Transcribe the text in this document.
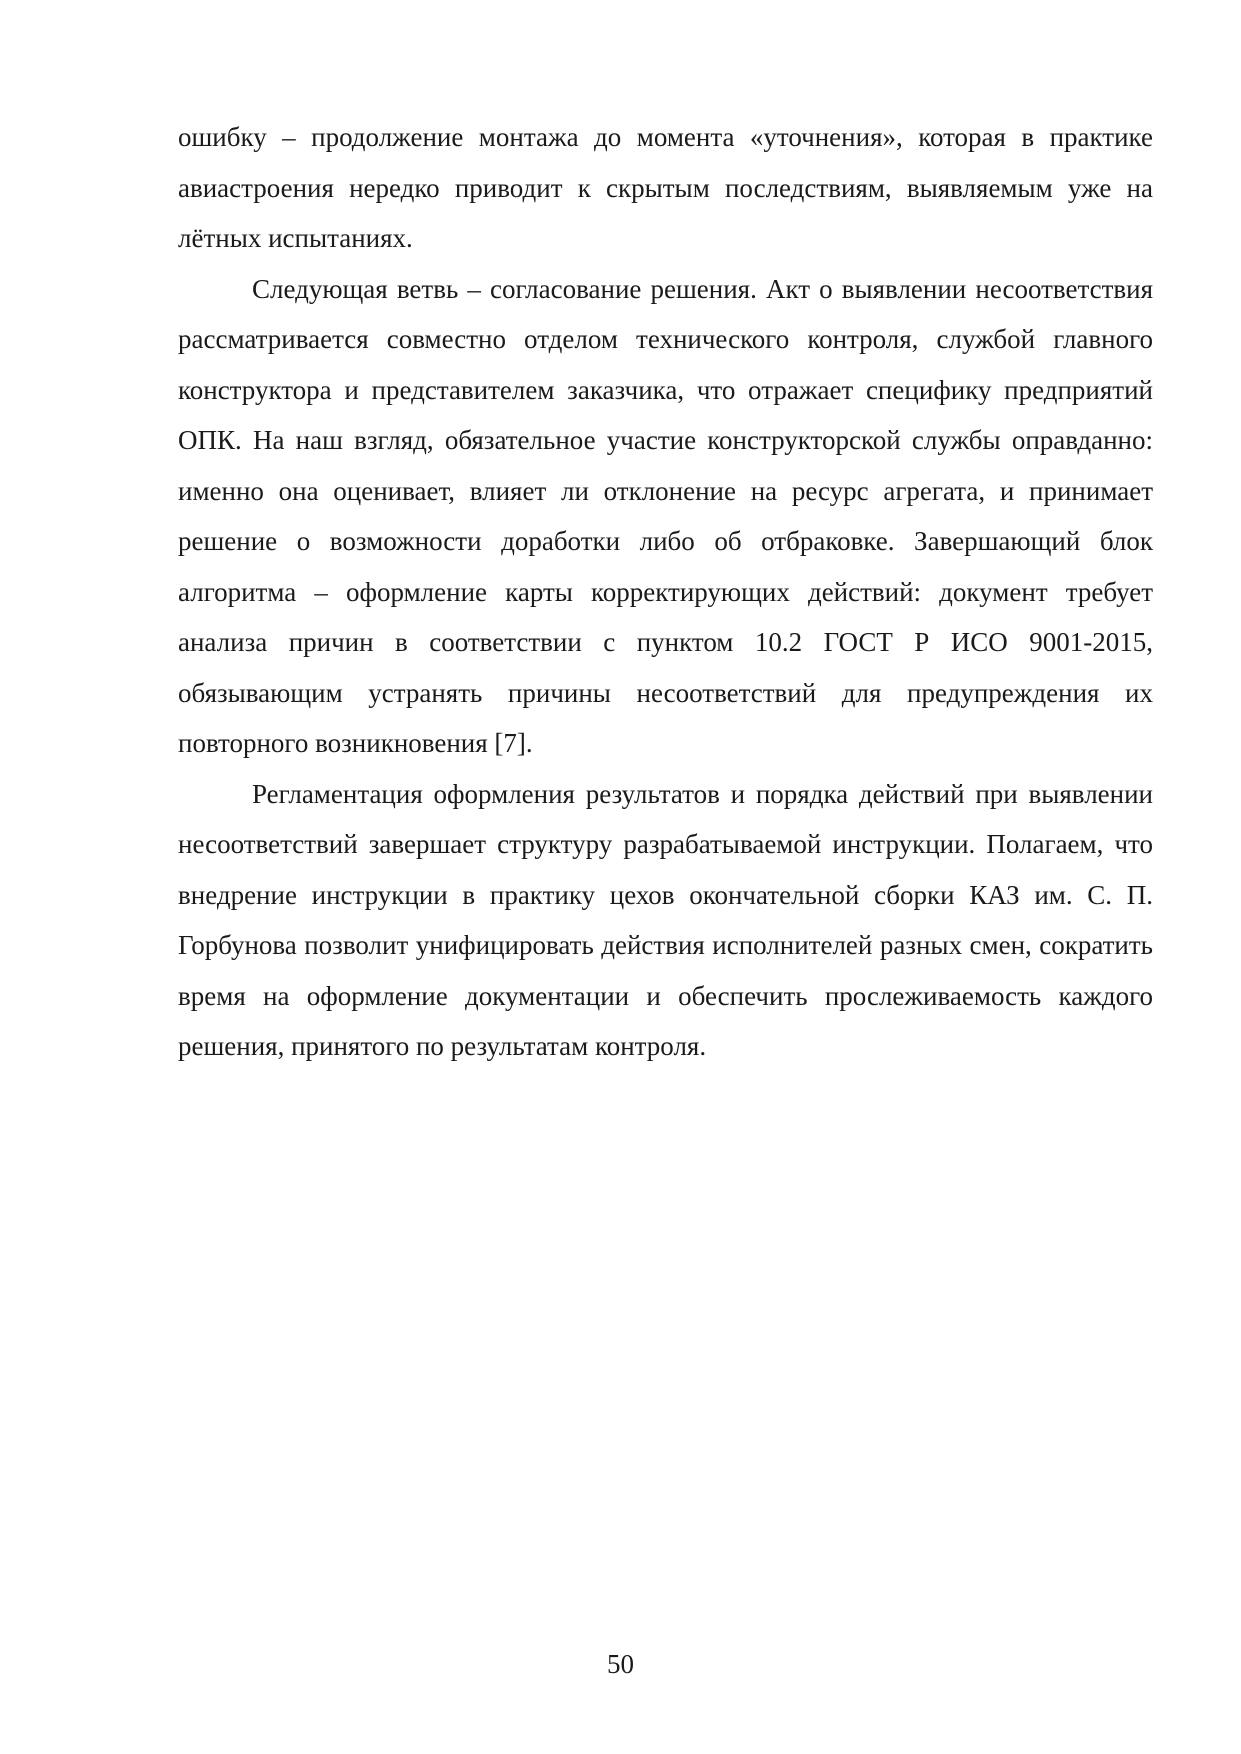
ошибку – продолжение монтажа до момента «уточнения», которая в практике авиастроения нередко приводит к скрытым последствиям, выявляемым уже на лётных испытаниях.

Следующая ветвь – согласование решения. Акт о выявлении несоответствия рассматривается совместно отделом технического контроля, службой главного конструктора и представителем заказчика, что отражает специфику предприятий ОПК. На наш взгляд, обязательное участие конструкторской службы оправданно: именно она оценивает, влияет ли отклонение на ресурс агрегата, и принимает решение о возможности доработки либо об отбраковке. Завершающий блок алгоритма – оформление карты корректирующих действий: документ требует анализа причин в соответствии с пунктом 10.2 ГОСТ Р ИСО 9001-2015, обязывающим устранять причины несоответствий для предупреждения их повторного возникновения [7].

Регламентация оформления результатов и порядка действий при выявлении несоответствий завершает структуру разрабатываемой инструкции. Полагаем, что внедрение инструкции в практику цехов окончательной сборки КАЗ им. С. П. Горбунова позволит унифицировать действия исполнителей разных смен, сократить время на оформление документации и обеспечить прослеживаемость каждого решения, принятого по результатам контроля.

50
